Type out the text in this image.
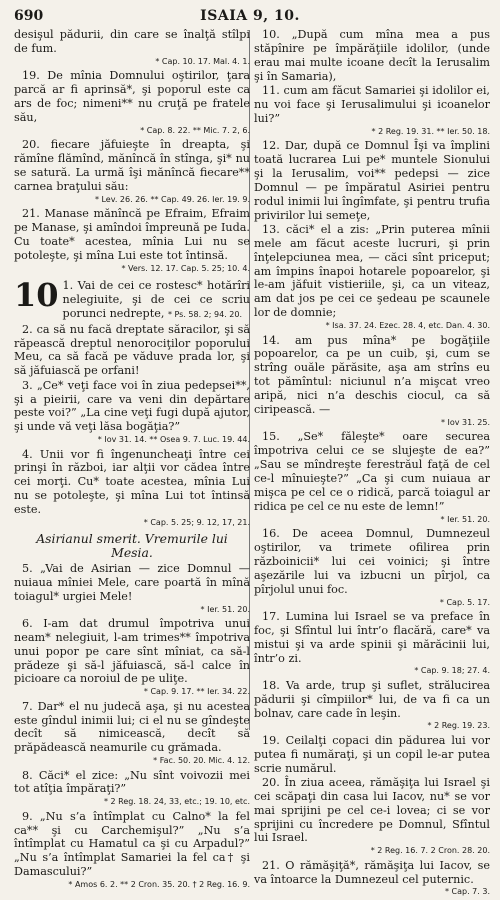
690	ISAIA 9, 10.

desişul pădurii, din care se înalţă stîlpi de fum.
* Cap. 10. 17. Mal. 4. 1.

19. De mînia Domnului oştirilor, ţara parcă ar fi aprinsă*, şi poporul este ca ars de foc; nimeni** nu cruţă pe fratele său,
* Cap. 8. 22. ** Mic. 7. 2, 6.

20. fiecare jăfuieşte în dreapta, şi rămîne flămînd, mănîncă în stînga, şi* nu se satură. La urmă îşi mănîncă fiecare** carnea braţului său:
* Lev. 26. 26. ** Cap. 49. 26. Ier. 19. 9.

21. Manase mănîncă pe Efraim, Efraim pe Manase, şi amîndoi împreună pe Iuda. Cu toate* acestea, mînia Lui nu se potoleşte, şi mîna Lui este tot întinsă.
* Vers. 12. 17. Cap. 5. 25; 10. 4.

10 1. Vai de cei ce rostesc* hotărîri nelegiuite, şi de cei ce scriu porunci nedrepte, * Ps. 58. 2; 94. 20.

2. ca să nu facă dreptate săracilor, şi să răpească dreptul nenorociţilor poporului Meu, ca să facă pe văduve prada lor, şi să jăfuiască pe orfani!

3. „Ce* veţi face voi în ziua pedepsei**, şi a pieirii, care va veni din depărtare peste voi?” „La cine veţi fugi după ajutor, şi unde vă veţi lăsa bogăţia?”
* Iov 31. 14. ** Osea 9. 7. Luc. 19. 44.

4. Unii vor fi îngenuncheaţi între cei prinşi în război, iar alţii vor cădea între cei morţi. Cu* toate acestea, mînia Lui nu se potoleşte, şi mîna Lui tot întinsă este.
* Cap. 5. 25; 9. 12, 17, 21.

Asirianul smerit. Vremurile lui Mesia.

5. „Vai de Asirian — zice Domnul — nuiaua mîniei Mele, care poartă în mînă toiagul* urgiei Mele!
* Ier. 51. 20.

6. I-am dat drumul împotriva unui neam* nelegiuit, l-am trimes** împotriva unui popor pe care sînt mîniat, ca să-l prădeze şi să-l jăfuiască, să-l calce în picioare ca noroiul de pe uliţe.
* Cap. 9. 17. ** Ier. 34. 22.

7. Dar* el nu judecă aşa, şi nu acestea este gîndul inimii lui; ci el nu se gîndeşte decît să nimicească, decît să prăpădească neamurile cu grămada.
* Fac. 50. 20. Mic. 4. 12.

8. Căci* el zice: „Nu sînt voivozii mei tot atîţia împăraţi?”
* 2 Reg. 18. 24, 33, etc.; 19. 10, etc.

9. „Nu s’a întîmplat cu Calno* la fel ca** şi cu Carchemişul?” „Nu s’a întîmplat cu Hamatul ca şi cu Arpadul?” „Nu s’a întîmplat Samariei la fel ca† şi Damascului?”
* Amos 6. 2. ** 2 Cron. 35. 20. † 2 Reg. 16. 9.

10. „După cum mîna mea a pus stăpînire pe împărăţiile idolilor, (unde erau mai multe icoane decît la Ierusalim şi în Samaria),

11. cum am făcut Samariei şi idolilor ei, nu voi face şi Ierusalimului şi icoanelor lui?”
* 2 Reg. 19. 31. ** Ier. 50. 18.

12. Dar, după ce Domnul Îşi va împlini toată lucrarea Lui pe* muntele Sionului şi la Ierusalim, voi** pedepsi — zice Domnul — pe împăratul Asiriei pentru rodul inimii lui îngîmfate, şi pentru trufia privirilor lui semeţe,

13. căci* el a zis: „Prin puterea mînii mele am făcut aceste lucruri, şi prin înţelepciunea mea, — căci sînt priceput; am împins înapoi hotarele popoarelor, şi le-am jăfuit vistieriile, şi, ca un viteaz, am dat jos pe cei ce şedeau pe scaunele lor de domnie;
* Isa. 37. 24. Ezec. 28. 4, etc. Dan. 4. 30.

14. am pus mîna* pe bogăţiile popoarelor, ca pe un cuib, şi, cum se strîng ouăle părăsite, aşa am strîns eu tot pămîntul: niciunul n’a mişcat vreo aripă, nici n’a deschis ciocul, ca să ciripească. —
* Iov 31. 25.

15. „Se* făleşte* oare securea împotriva celui ce se slujeşte de ea?” „Sau se mîndreşte ferestrăul faţă de cel ce-l mînuieşte?” „Ca şi cum nuiaua ar mişca pe cel ce o ridică, parcă toiagul ar ridica pe cel ce nu este de lemn!”
* Ier. 51. 20.

16. De aceea Domnul, Dumnezeul oştirilor, va trimete ofilirea prin războinicii* lui cei voinici; şi între aşezările lui va izbucni un pîrjol, ca pîrjolul unui foc.
* Cap. 5. 17.

17. Lumina lui Israel se va preface în foc, şi Sfîntul lui într’o flacără, care* va mistui şi va arde spinii şi mărăcinii lui, într’o zi.
* Cap. 9. 18; 27. 4.

18. Va arde, trup şi suflet, strălucirea pădurii şi cîmpiilor* lui, de va fi ca un bolnav, care cade în leşin.
* 2 Reg. 19. 23.

19. Ceilalţi copaci din pădurea lui vor putea fi număraţi, şi un copil le-ar putea scrie numărul.

20. În ziua aceea, rămăşiţa lui Israel şi cei scăpaţi din casa lui Iacov, nu* se vor mai sprijini pe cel ce-i lovea; ci se vor sprijini cu încredere pe Domnul, Sfîntul lui Israel.
* 2 Reg. 16. 7. 2 Cron. 28. 20.

21. O rămăşiţă*, rămăşiţa lui Iacov, se va întoarce la Dumnezeul cel puternic.
* Cap. 7. 3.
